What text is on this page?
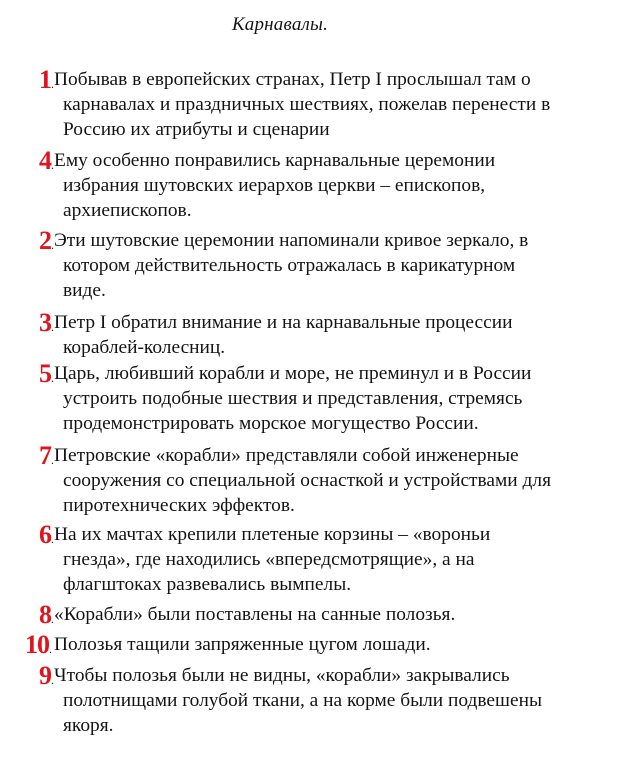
Карнавалы.
1 . Побывав в европейских странах, Петр I прослышал там о
карнавалах и праздничных шествиях, пожелав перенести в
Россию их атрибуты и сценарии
4 . Ему особенно понравились карнавальные церемонии
избрания шутовских иерархов церкви – епископов,
архиепископов.
2 . Эти шутовские церемонии напоминали кривое зеркало, в
котором действительность отражалась в карикатурном
виде.
3 . Петр I обратил внимание и на карнавальные процессии
кораблей-колесниц.
5 . Царь, любивший корабли и море, не преминул и в России
устроить подобные шествия и представления, стремясь
продемонстрировать морское могущество России.
7 . Петровские «корабли» представляли собой инженерные
сооружения со специальной оснасткой и устройствами для
пиротехнических эффектов.
6 . На их мачтах крепили плетеные корзины – «вороньи
гнезда», где находились «впередсмотрящие», а на
флагштоках развевались вымпелы.
8 . «Корабли» были поставлены на санные полозья.
10 . Полозья тащили запряженные цугом лошади.
9 . Чтобы полозья были не видны, «корабли» закрывались
полотнищами голубой ткани, а на корме были подвешены
якоря.
